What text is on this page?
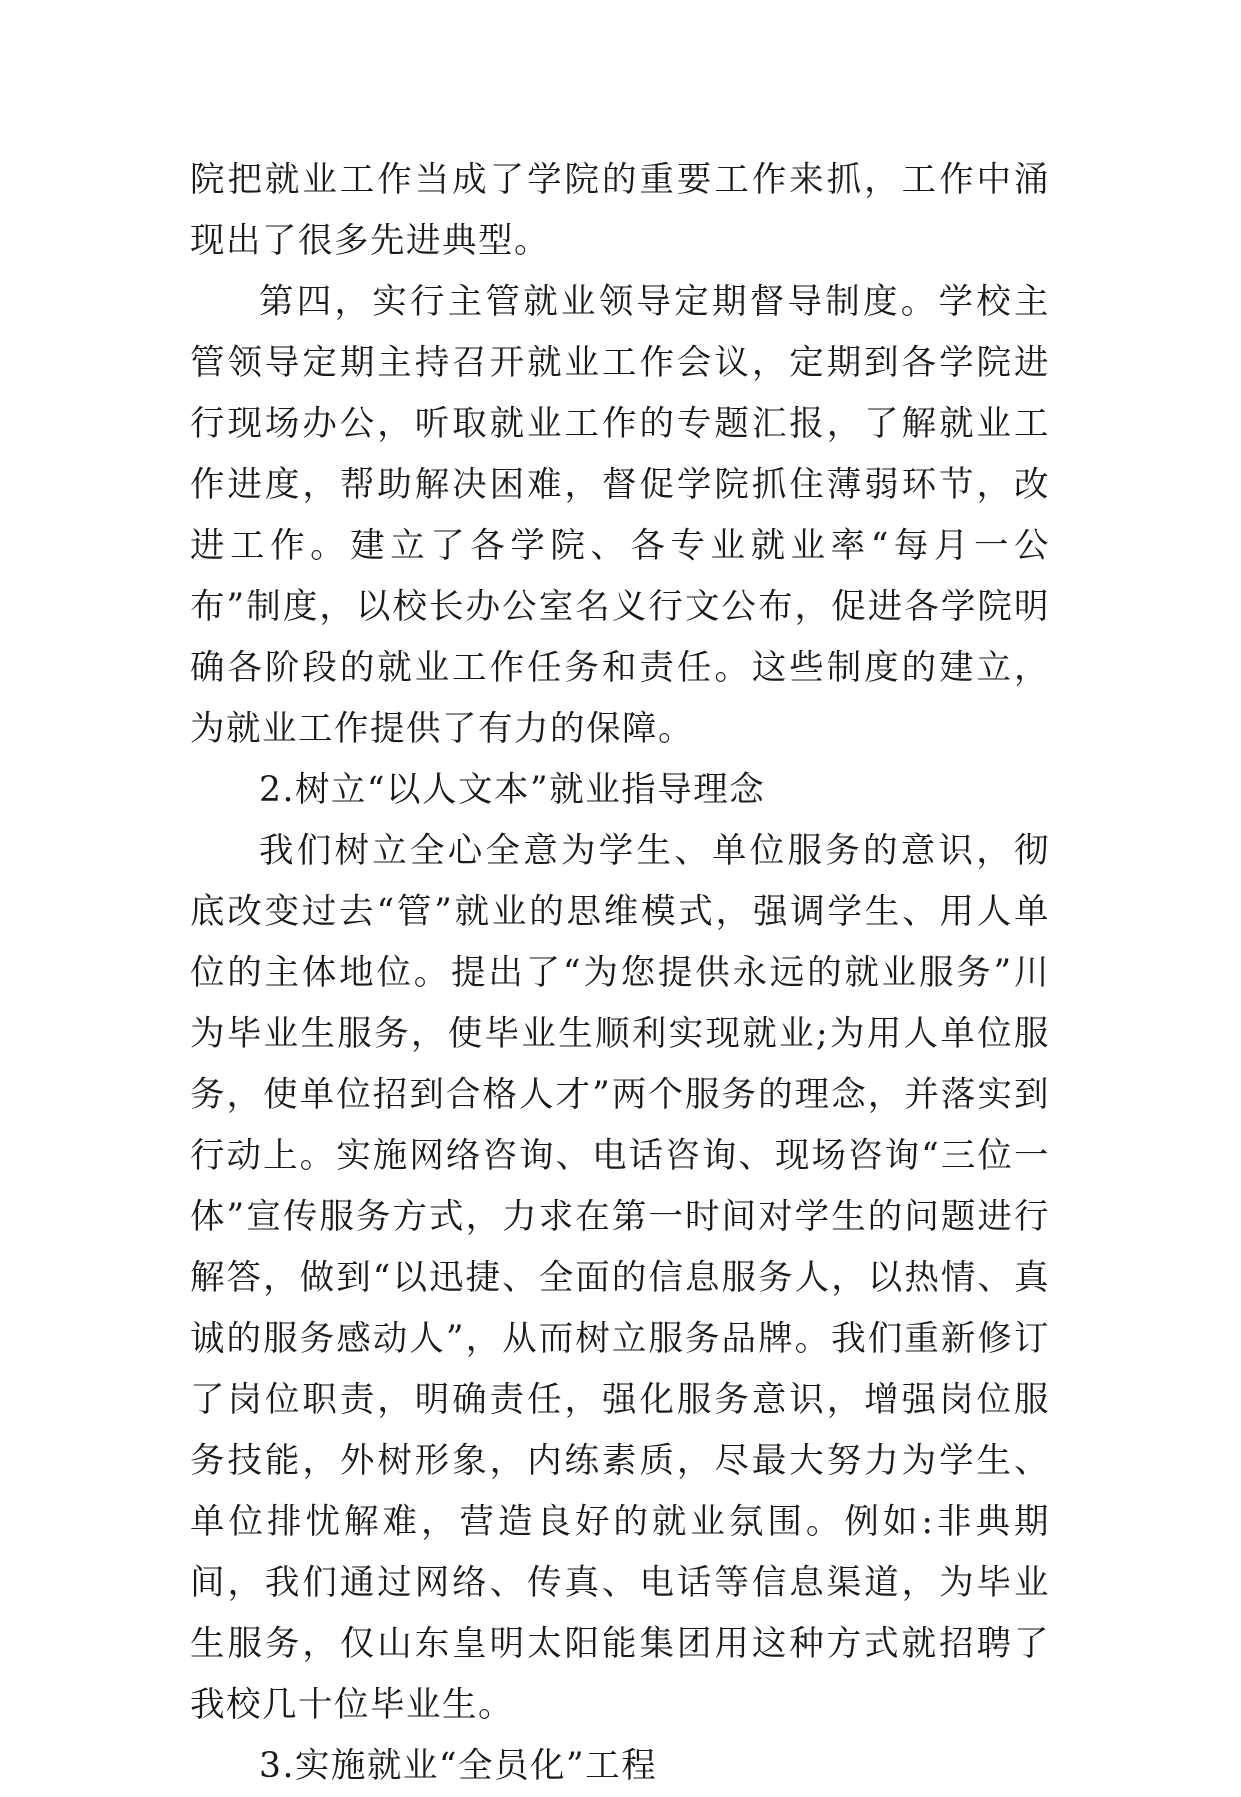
院把就业工作当成了学院的重要工作来抓，工作中涌现出了很多先进典型。

第四，实行主管就业领导定期督导制度。学校主管领导定期主持召开就业工作会议，定期到各学院进行现场办公，听取就业工作的专题汇报，了解就业工作进度，帮助解决困难，督促学院抓住薄弱环节，改进工作。建立了各学院、各专业就业率“每月一公布”制度，以校长办公室名义行文公布，促进各学院明确各阶段的就业工作任务和责任。这些制度的建立，为就业工作提供了有力的保障。

2.树立“以人文本”就业指导理念

我们树立全心全意为学生、单位服务的意识，彻底改变过去“管”就业的思维模式，强调学生、用人单位的主体地位。提出了“为您提供永远的就业服务”川为毕业生服务，使毕业生顺利实现就业;为用人单位服务，使单位招到合格人才”两个服务的理念，并落实到行动上。实施网络咨询、电话咨询、现场咨询“三位一体”宣传服务方式，力求在第一时间对学生的问题进行解答，做到“以迅捷、全面的信息服务人，以热情、真诚的服务感动人”，从而树立服务品牌。我们重新修订了岗位职责，明确责任，强化服务意识，增强岗位服务技能，外树形象，内练素质，尽最大努力为学生、单位排忧解难，营造良好的就业氛围。例如:非典期间，我们通过网络、传真、电话等信息渠道，为毕业生服务，仅山东皇明太阳能集团用这种方式就招聘了我校几十位毕业生。

3.实施就业“全员化”工程
